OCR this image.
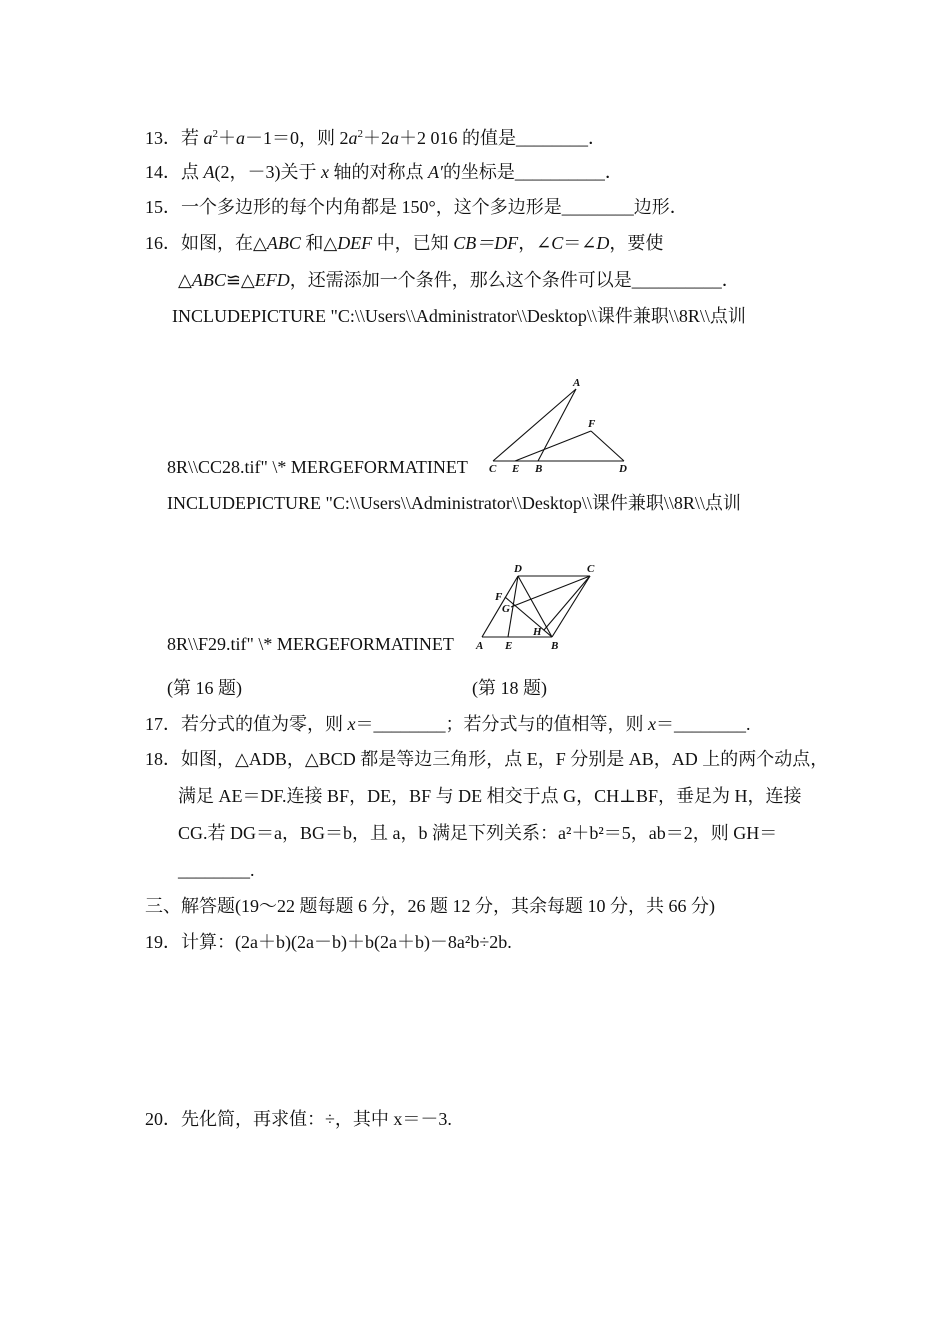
13．若 $a^2+a-1=0$，则 $2a^2+2a+2$ 016 的值是________．
14．点 A(2，－3)关于 x 轴的对称点 A′的坐标是__________．
15．一个多边形的每个内角都是 150°，这个多边形是________边形．
16．如图，在△ABC 和△DEF 中，已知 CB＝DF，∠C＝∠D，要使
△ABC≌△EFD，还需添加一个条件，那么这个条件可以是__________．
INCLUDEPICTURE "C:\\Users\\Administrator\\Desktop\\课件兼职\\8R\\点训
A
F
C E B	D
8R\\CC28.tif" \* MERGEFORMATINET
INCLUDEPICTURE "C:\\Users\\Administrator\\Desktop\\课件兼职\\8R\\点训
D	C
F
G
H
A E	B
8R\\F29.tif" \* MERGEFORMATINET
(第 16 题)	(第 18 题)
17．若分式的值为零，则 x＝________；若分式与的值相等，则 x＝________.
18．如图，△ADB，△BCD 都是等边三角形，点 E，F 分别是 AB，AD 上的两个动点，
满足 AE＝DF.连接 BF，DE，BF 与 DE 相交于点 G，CH⊥BF，垂足为 H，连接
CG.若 DG＝a，BG＝b，且 a，b 满足下列关系：a²＋b²＝5，ab＝2，则 GH＝
________.
三、解答题(19～22 题每题 6 分，26 题 12 分，其余每题 10 分，共 66 分)
19．计算：(2a＋b)(2a－b)＋b(2a＋b)－8a²b÷2b.
20．先化简，再求值：÷，其中 x＝－3.
